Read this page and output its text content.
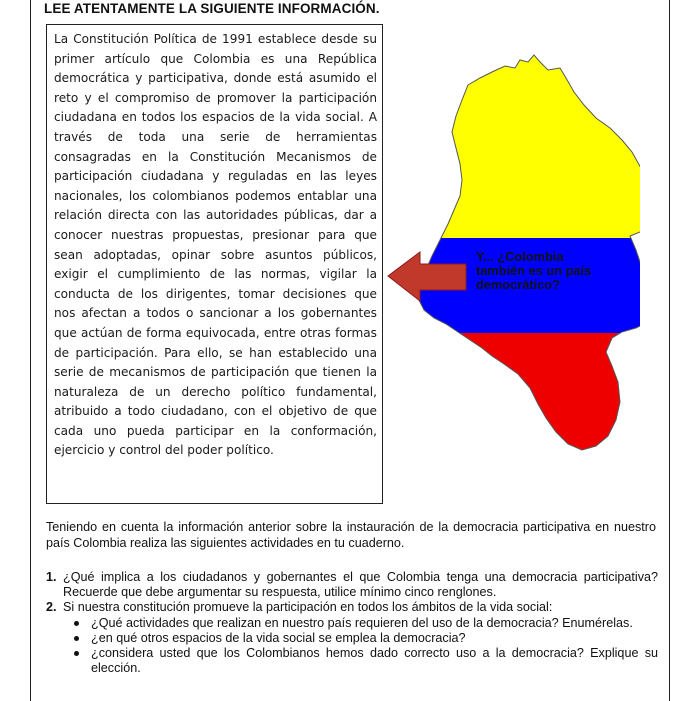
LEE ATENTAMENTE LA SIGUIENTE INFORMACIÓN.
Y... ¿Colombia también es un país democrático?

La Constitución Política de 1991 establece desde su primer artículo que Colombia es una República democrática y participativa, donde está asumido el reto y el compromiso de promover la participación ciudadana en todos los espacios de la vida social. A través de toda una serie de herramientas consagradas en la Constitución Mecanismos de participación ciudadana y reguladas en las leyes nacionales, los colombianos podemos entablar una relación directa con las autoridades públicas, dar a conocer nuestras propuestas, presionar para que sean adoptadas, opinar sobre asuntos públicos, exigir el cumplimiento de las normas, vigilar la conducta de los dirigentes, tomar decisiones que nos afectan a todos o sancionar a los gobernantes que actúan de forma equivocada, entre otras formas de participación. Para ello, se han establecido una serie de mecanismos de participación que tienen la naturaleza de un derecho político fundamental, atribuido a todo ciudadano, con el objetivo de que cada uno pueda participar en la conformación, ejercicio y control del poder político.

Teniendo en cuenta la información anterior sobre la instauración de la democracia participativa en nuestro país Colombia realiza las siguientes actividades en tu cuaderno.

1. ¿Qué implica a los ciudadanos y gobernantes el que Colombia tenga una democracia participativa? Recuerde que debe argumentar su respuesta, utilice mínimo cinco renglones.
2. Si nuestra constitución promueve la participación en todos los ámbitos de la vida social:
¿Qué actividades que realizan en nuestro país requieren del uso de la democracia? Enumérelas.
¿en qué otros espacios de la vida social se emplea la democracia?
¿considera usted que los Colombianos hemos dado correcto uso a la democracia? Explique su elección.
